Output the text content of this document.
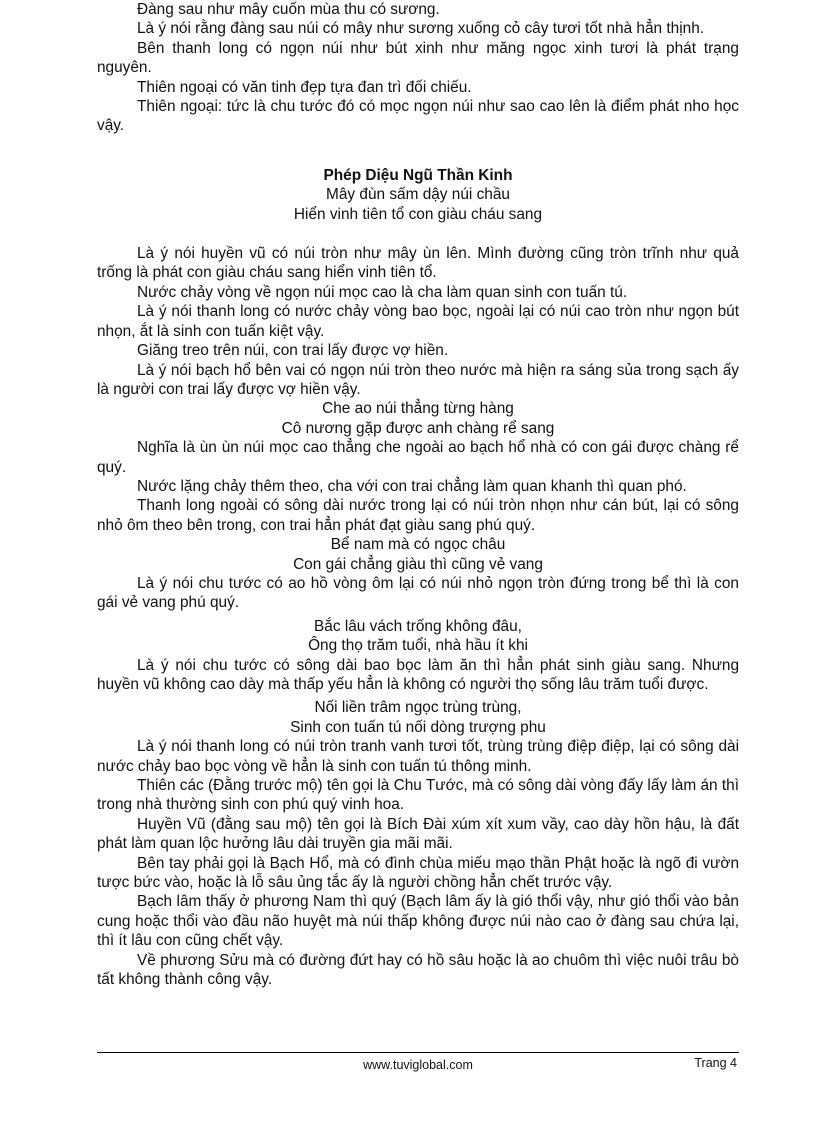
Đàng sau như mây cuốn mùa thu có sương.

Là ý nói rằng đàng sau núi có mây như sương xuống cỏ cây tươi tốt nhà hẳn thịnh.

Bên thanh long có ngọn núi như bút xinh như măng ngọc xinh tươi là phát trạng nguyên.

Thiên ngoại có văn tinh đẹp tựa đan trì đối chiếu.

Thiên ngoại: tức là chu tước đó có mọc ngọn núi như sao cao lên là điểm phát nho học vậy.

Phép Diệu Ngũ Thần Kinh

Mây đùn sấm dậy núi chầu

Hiển vinh tiên tổ con giàu cháu sang

Là ý nói huyền vũ có núi tròn như mây ùn lên. Mình đường cũng tròn trĩnh như quả trống là phát con giàu cháu sang hiển vinh tiên tổ.

Nước chảy vòng về ngọn núi mọc cao là cha làm quan sinh con tuấn tú.

Là ý nói thanh long có nước chảy vòng bao bọc, ngoài lại có núi cao tròn như ngọn bút nhọn, ắt là sinh con tuấn kiệt vậy.

Giăng treo trên núi, con trai lấy được vợ hiền.

Là ý nói bạch hổ bên vai có ngọn núi tròn theo nước mà hiện ra sáng sủa trong sạch ấy là người con trai lấy được vợ hiền vậy.

Che ao núi thẳng từng hàng

Cô nương gặp được anh chàng rể sang

Nghĩa là ùn ùn núi mọc cao thẳng che ngoài ao bạch hổ nhà có con gái được chàng rể quý.

Nước lặng chảy thêm theo, cha với con trai chẳng làm quan khanh thì quan phó.

Thanh long ngoài có sông dài nước trong lại có núi tròn nhọn như cán bút, lại có sông nhỏ ôm theo bên trong, con trai hẳn phát đạt giàu sang phú quý.

Bể nam mà có ngọc châu

Con gái chẳng giàu thì cũng vẻ vang

Là ý nói chu tước có ao hồ vòng ôm lại có núi nhỏ ngọn tròn đứng trong bể thì là con gái vẻ vang phú quý.

Bắc lâu vách trống không đâu,

Ông thọ trăm tuổi, nhà hầu ít khi

Là ý nói chu tước có sông dài bao bọc làm ăn thì hẳn phát sinh giàu sang. Nhưng huyền vũ không cao dày mà thấp yếu hẳn là không có người thọ sống lâu trăm tuổi được.

Nối liền trâm ngọc trùng trùng,

Sinh con tuấn tú nối dòng trượng phu

Là ý nói thanh long có núi tròn tranh vanh tươi tốt, trùng trùng điệp điệp, lại có sông dài nước chảy bao bọc vòng về hẳn là sinh con tuấn tú thông minh.

Thiên các (Đằng trước mộ) tên gọi là Chu Tước, mà có sông dài vòng đấy lấy làm án thì trong nhà thường sinh con phú quý vinh hoa.

Huyền Vũ (đằng sau mộ) tên gọi là Bích Đài xúm xít xum vầy, cao dày hồn hậu, là đất phát làm quan lộc hưởng lâu dài truyền gia mãi mãi.

Bên tay phải gọi là Bạch Hổ, mà có đình chùa miếu mạo thần Phật hoặc là ngõ đi vườn tược bức vào, hoặc là lỗ sâu ủng tắc ấy là người chồng hẳn chết trước vậy.

Bạch lâm thấy ở phương Nam thì quý (Bạch lâm ấy là gió thổi vậy, như gió thổi vào bản cung hoặc thổi vào đầu não huyệt mà núi thấp không được núi nào cao ở đàng sau chứa lại, thì ít lâu con cũng chết vậy.

Về phương Sửu mà có đường đứt hay có hồ sâu hoặc là ao chuôm thì việc nuôi trâu bò tất không thành công vậy.

www.tuviglobal.com	Trang 4
